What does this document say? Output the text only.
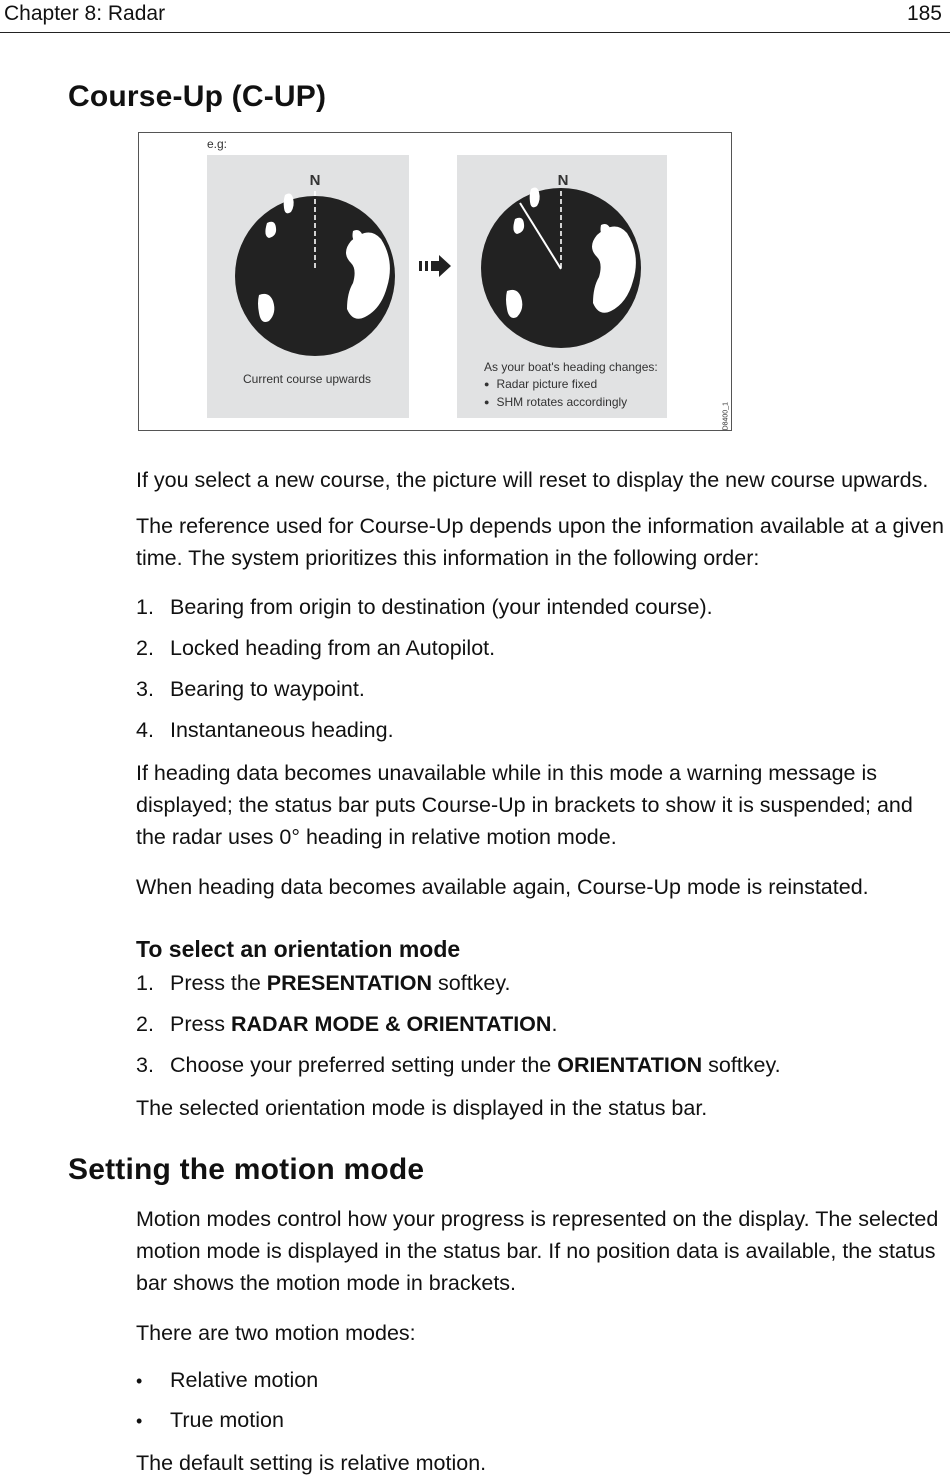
Chapter 8: Radar	185
Course-Up (C-UP)
N	N
e.g:
Current course upwards
As your boat's heading changes:
● Radar picture fixed
● SHM rotates accordingly	D8400_1

If you select a new course, the picture will reset to display the new course upwards.

The reference used for Course-Up depends upon the information available at a given time. The system prioritizes this information in the following order:

1. Bearing from origin to destination (your intended course).

2. Locked heading from an Autopilot.

3. Bearing to waypoint.

4. Instantaneous heading.

If heading data becomes unavailable while in this mode a warning message is displayed; the status bar puts Course-Up in brackets to show it is suspended; and the radar uses 0° heading in relative motion mode.

When heading data becomes available again, Course-Up mode is reinstated.

To select an orientation mode

1. Press the PRESENTATION softkey.

2. Press RADAR MODE & ORIENTATION.

3. Choose your preferred setting under the ORIENTATION softkey.

The selected orientation mode is displayed in the status bar.

Setting the motion mode

Motion modes control how your progress is represented on the display. The selected motion mode is displayed in the status bar. If no position data is available, the status bar shows the motion mode in brackets.

There are two motion modes:

• Relative motion

• True motion

The default setting is relative motion.
